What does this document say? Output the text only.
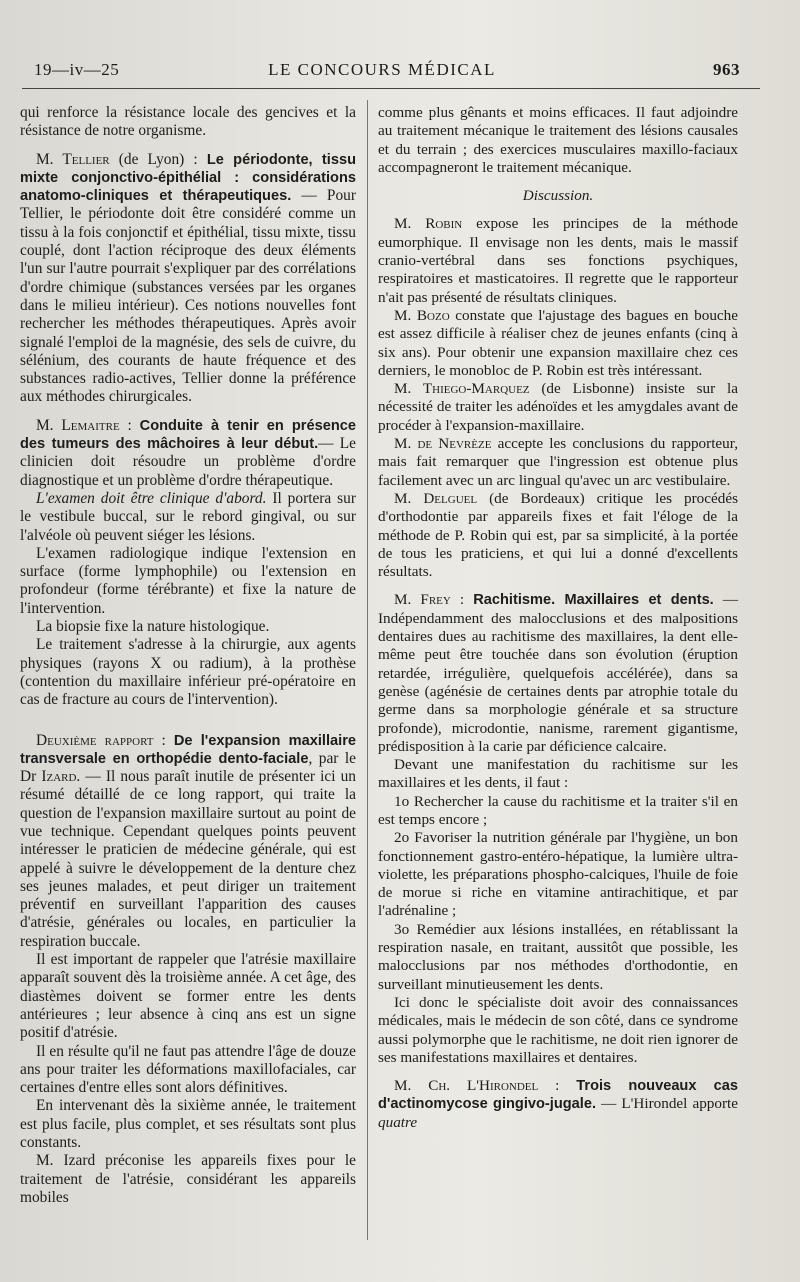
19—iv—25	LE CONCOURS MÉDICAL	963

qui renforce la résistance locale des gencives et la résistance de notre organisme.

M. Tellier (de Lyon) : Le périodonte, tissu mixte conjonctivo-épithélial : considérations anatomo-cliniques et thérapeutiques. — Pour Tellier, le périodonte doit être considéré comme un tissu à la fois conjonctif et épithélial, tissu mixte, tissu couplé, dont l'action réciproque des deux éléments l'un sur l'autre pourrait s'expliquer par des corrélations d'ordre chimique (substances versées par les organes dans le milieu intérieur). Ces notions nouvelles font rechercher les méthodes thérapeutiques. Après avoir signalé l'emploi de la magnésie, des sels de cuivre, du sélénium, des courants de haute fréquence et des substances radio-actives, Tellier donne la préférence aux méthodes chirurgicales.

M. Lemaitre : Conduite à tenir en présence des tumeurs des mâchoires à leur début.— Le clinicien doit résoudre un problème d'ordre diagnostique et un problème d'ordre thérapeutique.

L'examen doit être clinique d'abord. Il portera sur le vestibule buccal, sur le rebord gingival, ou sur l'alvéole où peuvent siéger les lésions.

L'examen radiologique indique l'extension en surface (forme lymphophile) ou l'extension en profondeur (forme térébrante) et fixe la nature de l'intervention.

La biopsie fixe la nature histologique.

Le traitement s'adresse à la chirurgie, aux agents physiques (rayons X ou radium), à la prothèse (contention du maxillaire inférieur pré-opératoire en cas de fracture au cours de l'intervention).

Deuxième rapport : De l'expansion maxillaire transversale en orthopédie dento-faciale, par le Dr Izard. — Il nous paraît inutile de présenter ici un résumé détaillé de ce long rapport, qui traite la question de l'expansion maxillaire surtout au point de vue technique. Cependant quelques points peuvent intéresser le praticien de médecine générale, qui est appelé à suivre le développement de la denture chez ses jeunes malades, et peut diriger un traitement préventif en surveillant l'apparition des causes d'atrésie, générales ou locales, en particulier la respiration buccale.

Il est important de rappeler que l'atrésie maxillaire apparaît souvent dès la troisième année. A cet âge, des diastèmes doivent se former entre les dents antérieures ; leur absence à cinq ans est un signe positif d'atrésie.

Il en résulte qu'il ne faut pas attendre l'âge de douze ans pour traiter les déformations maxillofaciales, car certaines d'entre elles sont alors définitives.

En intervenant dès la sixième année, le traitement est plus facile, plus complet, et ses résultats sont plus constants.

M. Izard préconise les appareils fixes pour le traitement de l'atrésie, considérant les appareils mobiles

comme plus gênants et moins efficaces. Il faut adjoindre au traitement mécanique le traitement des lésions causales et du terrain ; des exercices musculaires maxillo-faciaux accompagneront le traitement mécanique.

Discussion.

M. Robin expose les principes de la méthode eumorphique. Il envisage non les dents, mais le massif cranio-vertébral dans ses fonctions psychiques, respiratoires et masticatoires. Il regrette que le rapporteur n'ait pas présenté de résultats cliniques.

M. Bozo constate que l'ajustage des bagues en bouche est assez difficile à réaliser chez de jeunes enfants (cinq à six ans). Pour obtenir une expansion maxillaire chez ces derniers, le monobloc de P. Robin est très intéressant.

M. Thiego-Marquez (de Lisbonne) insiste sur la nécessité de traiter les adénoïdes et les amygdales avant de procéder à l'expansion-maxillaire.

M. de Nevrèze accepte les conclusions du rapporteur, mais fait remarquer que l'ingression est obtenue plus facilement avec un arc lingual qu'avec un arc vestibulaire.

M. Delguel (de Bordeaux) critique les procédés d'orthodontie par appareils fixes et fait l'éloge de la méthode de P. Robin qui est, par sa simplicité, à la portée de tous les praticiens, et qui lui a donné d'excellents résultats.

M. Frey : Rachitisme. Maxillaires et dents. — Indépendamment des malocclusions et des malpositions dentaires dues au rachitisme des maxillaires, la dent elle-même peut être touchée dans son évolution (éruption retardée, irrégulière, quelquefois accélérée), dans sa genèse (agénésie de certaines dents par atrophie totale du germe dans sa morphologie générale et sa structure profonde), microdontie, nanisme, rarement gigantisme, prédisposition à la carie par déficience calcaire.

Devant une manifestation du rachitisme sur les maxillaires et les dents, il faut :

1o Rechercher la cause du rachitisme et la traiter s'il en est temps encore ;

2o Favoriser la nutrition générale par l'hygiène, un bon fonctionnement gastro-entéro-hépatique, la lumière ultra-violette, les préparations phospho-calciques, l'huile de foie de morue si riche en vitamine antirachitique, et par l'adrénaline ;

3o Remédier aux lésions installées, en rétablissant la respiration nasale, en traitant, aussitôt que possible, les malocclusions par nos méthodes d'orthodontie, en surveillant minutieusement les dents.

Ici donc le spécialiste doit avoir des connaissances médicales, mais le médecin de son côté, dans ce syndrome aussi polymorphe que le rachitisme, ne doit rien ignorer de ses manifestations maxillaires et dentaires.

M. Ch. L'Hirondel : Trois nouveaux cas d'actinomycose gingivo-jugale. — L'Hirondel apporte quatre
